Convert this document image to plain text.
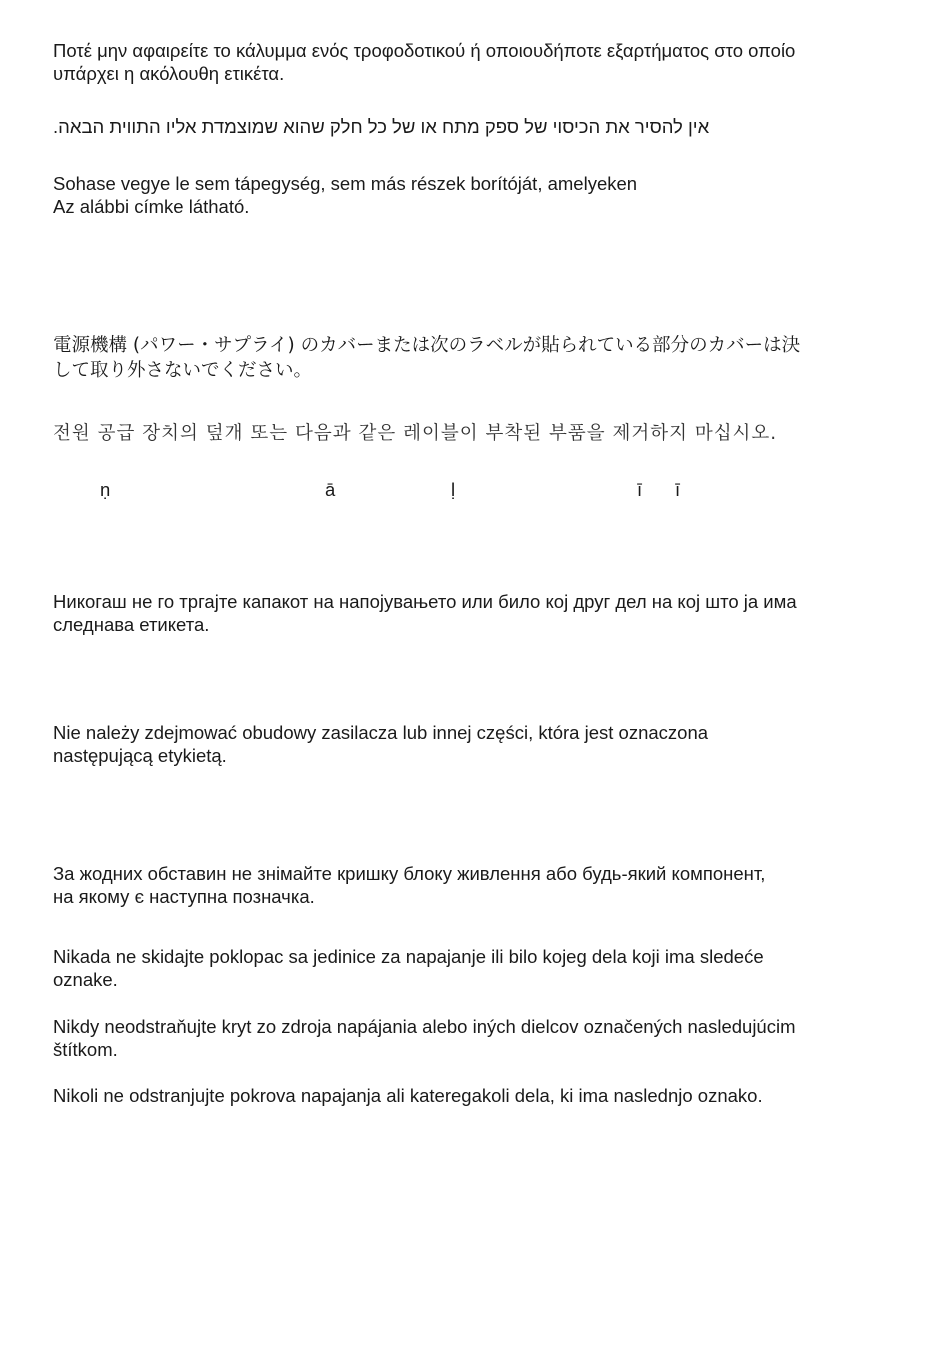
Ποτέ μην αφαιρείτε το κάλυμμα ενός τροφοδοτικού ή οποιουδήποτε εξαρτήματος στο οποίο
υπάρχει η ακόλουθη ετικέτα.

אין להסיר את הכיסוי של ספק מתח או של כל חלק שהוא שמוצמדת אליו התווית הבאה.

Sohase vegye le sem tápegység, sem más részek borítóját, amelyeken
Az alábbi címke látható.

電源機構 (パワー・サプライ) のカバーまたは次のラベルが貼られている部分のカバーは決
して取り外さないでください。

전원 공급 장치의 덮개 또는 다음과 같은 레이블이 부착된 부품을 제거하지 마십시오.

ṇ	ā	ḷ	ī ī

Никогаш не го тргајте капакот на напојувањето или било кој друг дел на кој што ја има
следнава етикета.

Nie należy zdejmować obudowy zasilacza lub innej części, która jest oznaczona
następującą etykietą.

За жодних обставин не знімайте кришку блоку живлення або будь-який компонент,
на якому є наступна позначка.

Nikada ne skidajte poklopac sa jedinice za napajanje ili bilo kojeg dela koji ima sledeće
oznake.

Nikdy neodstraňujte kryt zo zdroja napájania alebo iných dielcov označených nasledujúcim
štítkom.

Nikoli ne odstranjujte pokrova napajanja ali kateregakoli dela, ki ima naslednjo oznako.
